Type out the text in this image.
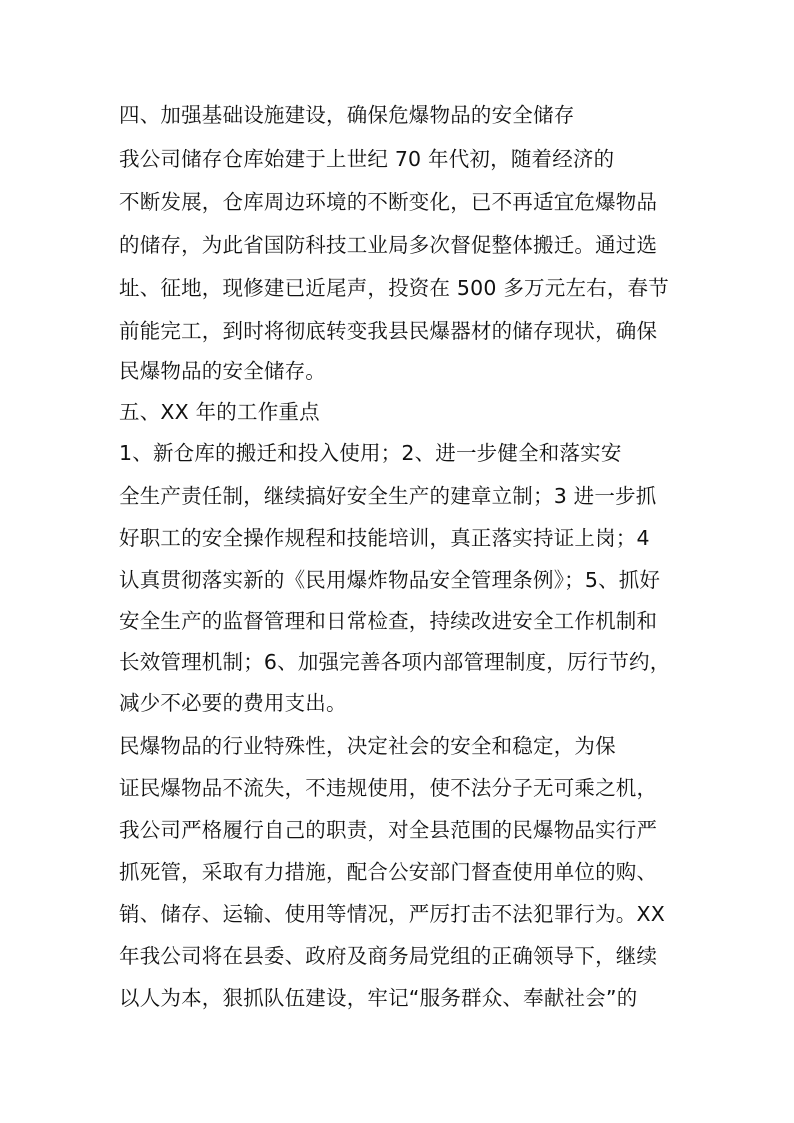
四、加强基础设施建设，确保危爆物品的安全储存
我公司储存仓库始建于上世纪 70 年代初，随着经济的
不断发展，仓库周边环境的不断变化，已不再适宜危爆物品
的储存，为此省国防科技工业局多次督促整体搬迁。通过选
址、征地，现修建已近尾声，投资在 500 多万元左右，春节
前能完工，到时将彻底转变我县民爆器材的储存现状，确保
民爆物品的安全储存。
五、XX 年的工作重点
1、新仓库的搬迁和投入使用；2、进一步健全和落实安
全生产责任制，继续搞好安全生产的建章立制；3 进一步抓
好职工的安全操作规程和技能培训，真正落实持证上岗；4
认真贯彻落实新的《民用爆炸物品安全管理条例》；5、抓好
安全生产的监督管理和日常检查，持续改进安全工作机制和
长效管理机制；6、加强完善各项内部管理制度，厉行节约，
减少不必要的费用支出。
民爆物品的行业特殊性，决定社会的安全和稳定，为保
证民爆物品不流失，不违规使用，使不法分子无可乘之机，
我公司严格履行自己的职责，对全县范围的民爆物品实行严
抓死管，采取有力措施，配合公安部门督查使用单位的购、
销、储存、运输、使用等情况，严厉打击不法犯罪行为。XX
年我公司将在县委、政府及商务局党组的正确领导下，继续
以人为本，狠抓队伍建设，牢记“服务群众、奉献社会”的
